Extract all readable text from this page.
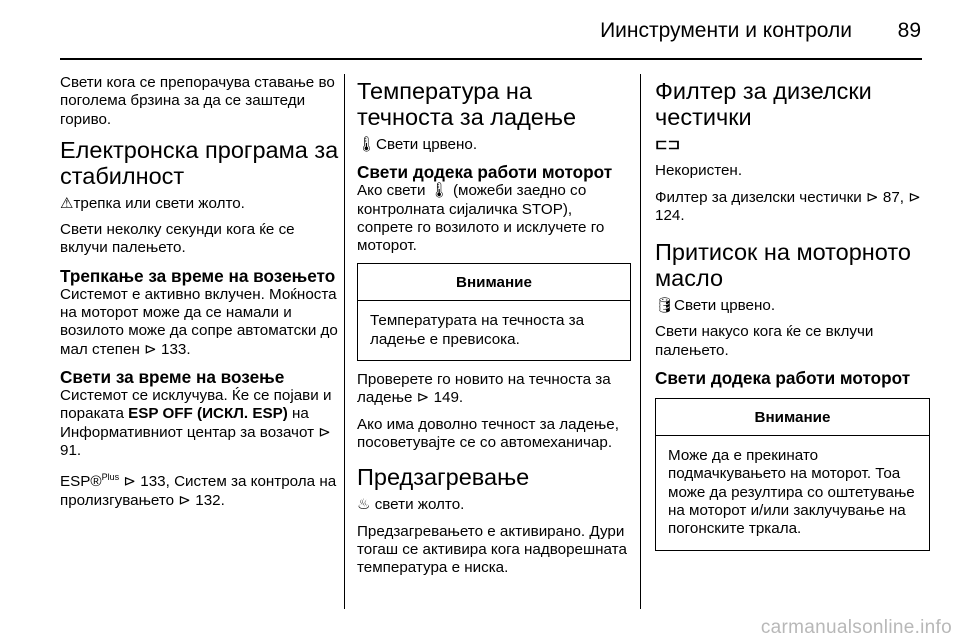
Иинструменти и контроли 89

Свети кога се препорачува ставање во поголема брзина за да се заштеди гориво.

Електронска програма за стабилност

⚠трепка или свети жолто.

Свети неколку секунди кога ќе се вклучи палењето.

Трепкање за време на возењето

Системот е активно вклучен. Моќноста на моторот може да се намали и возилото може да сопре автоматски до мал степен ⊳ 133.

Свети за време на возење

Системот се исклучува. Ќе се појави и пораката ESP OFF (ИСКЛ. ESP) на Информативниот центар за возачот ⊳ 91.

ESP®$^{Plus}$ ⊳ 133, Систем за контрола на пролизгувањето ⊳ 132.

Температура на течноста за ладење

🌡Свети црвено.

Свети додека работи моторот

Ако свети 🌡 (можеби заедно со контролната сијаличка STOP), сопрете го возилото и исклучете го моторот.

Внимание
Температурата на течноста за ладење е превисока.

Проверете го новито на течноста за ладење ⊳ 149.

Ако има доволно течност за ладење, посоветувајте се со автомеханичар.

Предзагревање

♨ свети жолто.

Предзагревањето е активирано. Дури тогаш се активира кога надворешната температура е ниска.

Филтер за дизелски честички

⊏⊐

Некористен.

Филтер за дизелски честички ⊳ 87, ⊳ 124.

Притисок на моторното масло

🛢Свети црвено.

Свети накусо кога ќе се вклучи палењето.

Свети додека работи моторот
Внимание
Може да е прекинато подмачкувањето на моторот. Тоа може да резултира со оштетување на моторот и/или заклучување на погонските тркала.
carmanualsonline.info
